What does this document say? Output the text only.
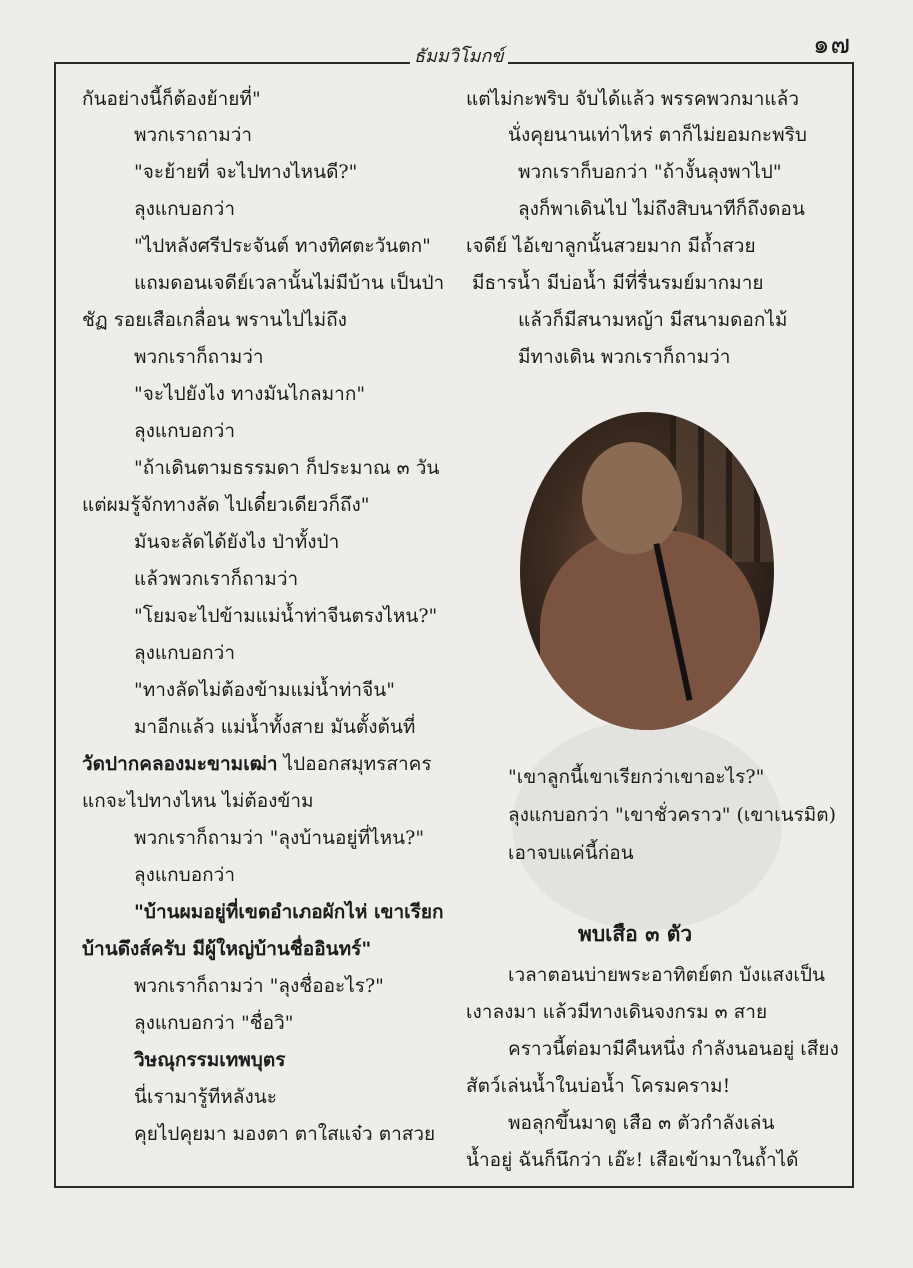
๑๗
ธัมมวิโมกข์
กันอย่างนี้ก็ต้องย้ายที่"
พวกเราถามว่า
"จะย้ายที่ จะไปทางไหนดี?"
ลุงแกบอกว่า
"ไปหลังศรีประจันต์ ทางทิศตะวันตก"
แถมดอนเจดีย์เวลานั้นไม่มีบ้าน เป็นป่า
ชัฏ รอยเสือเกลื่อน พรานไปไม่ถึง
พวกเราก็ถามว่า
"จะไปยังไง ทางมันไกลมาก"
ลุงแกบอกว่า
"ถ้าเดินตามธรรมดา ก็ประมาณ ๓ วัน
แต่ผมรู้จักทางลัด ไปเดี๋ยวเดียวก็ถึง"
มันจะลัดได้ยังไง ป่าทั้งป่า
แล้วพวกเราก็ถามว่า
"โยมจะไปข้ามแม่น้ำท่าจีนตรงไหน?"
ลุงแกบอกว่า
"ทางลัดไม่ต้องข้ามแม่น้ำท่าจีน"
มาอีกแล้ว แม่น้ำทั้งสาย มันตั้งต้นที่
วัดปากคลองมะขามเฒ่า ไปออกสมุทรสาคร
แกจะไปทางไหน ไม่ต้องข้าม
พวกเราก็ถามว่า "ลุงบ้านอยู่ที่ไหน?"
ลุงแกบอกว่า
"บ้านผมอยู่ที่เขตอำเภอผักไห่ เขาเรียก
บ้านดึงส์ครับ มีผู้ใหญ่บ้านชื่ออินทร์"
พวกเราก็ถามว่า "ลุงชื่ออะไร?"
ลุงแกบอกว่า "ชื่อวิ"
วิษณุกรรมเทพบุตร
นี่เรามารู้ทีหลังนะ
คุยไปคุยมา มองตา ตาใสแจ๋ว ตาสวย
แต่ไม่กะพริบ จับได้แล้ว พรรคพวกมาแล้ว
นั่งคุยนานเท่าไหร่ ตาก็ไม่ยอมกะพริบ
พวกเราก็บอกว่า "ถ้างั้นลุงพาไป"
ลุงก็พาเดินไป ไม่ถึงสิบนาทีก็ถึงดอน
เจดีย์ ไอ้เขาลูกนั้นสวยมาก มีถ้ำสวย
มีธารน้ำ มีบ่อน้ำ มีที่รื่นรมย์มากมาย
แล้วก็มีสนามหญ้า มีสนามดอกไม้
มีทางเดิน พวกเราก็ถามว่า
"เขาลูกนี้เขาเรียกว่าเขาอะไร?"
ลุงแกบอกว่า "เขาชั่วคราว" (เขาเนรมิต)
เอาจบแค่นี้ก่อน
พบเสือ ๓ ตัว
เวลาตอนบ่ายพระอาทิตย์ตก บังแสงเป็น
เงาลงมา แล้วมีทางเดินจงกรม ๓ สาย
คราวนี้ต่อมามีคืนหนึ่ง กำลังนอนอยู่ เสียง
สัตว์เล่นน้ำในบ่อน้ำ โครมคราม!
พอลุกขึ้นมาดู เสือ ๓ ตัวกำลังเล่น
น้ำอยู่ ฉันก็นึกว่า เอ๊ะ! เสือเข้ามาในถ้ำได้
